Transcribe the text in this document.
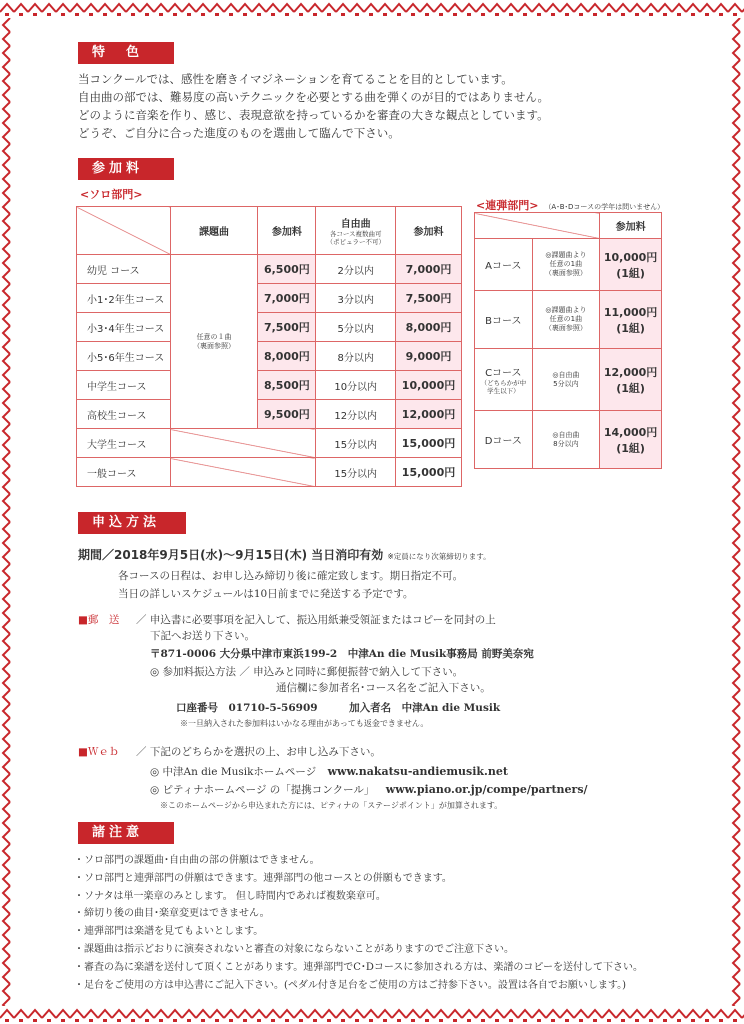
特　色

当コンクールでは、感性を磨きイマジネーションを育てることを目的としています。

自由曲の部では、難易度の高いテクニックを必要とする曲を弾くのが目的ではありません。

どのように音楽を作り、感じ、表現意欲を持っているかを審査の大きな観点としています。

どうぞ、ご自分に合った進度のものを選曲して臨んで下さい。

参加料
<ソロ部門>
<連弾部門> （A･B･Dコースの学年は問いません）
	課題曲	参加料	自由曲
各コース複数曲可
（ポピュラー不可）	参加料
幼児 コース	任意の１曲
（裏面参照）	6,500円	2分以内	7,000円
小1･2年生コース		7,000円	3分以内	7,500円
小3･4年生コース		7,500円	5分以内	8,000円
小5･6年生コース		8,000円	8分以内	9,000円
中学生コース		8,500円	10分以内	10,000円
高校生コース		9,500円	12分以内	12,000円
大学生コース			15分以内	15,000円
一般コース			15分以内	15,000円
		参加料
Aコース	◎課題曲より
任意の1曲
（裏面参照）	10,000円
(1組)

Bコース	◎課題曲より
任意の1曲
（裏面参照）	11,000円
(1組)

Cコース
（どちらかが中学生以下）	◎自由曲
5分以内	12,000円
(1組)

Dコース	◎自由曲
8分以内	14,000円
(1組)
申込方法
期間／2018年9月5日(水)～9月15日(木) 当日消印有効 ※定員になり次第締切ります。
各コースの日程は、お申し込み締切り後に確定致します。期日指定不可。
当日の詳しいスケジュールは10日前までに発送する予定です。
■郵　送 ／ 申込書に必要事項を記入して、振込用紙兼受領証またはコピーを同封の上
下記へお送り下さい。
〒871-0006 大分県中津市東浜199-2　中津An die Musik事務局 前野美奈宛
◎ 参加料振込方法 ／ 申込みと同時に郵便振替で納入して下さい。
通信欄に参加者名･コース名をご記入下さい。
口座番号　01710-5-56909　　　加入者名　中津An die Musik
※一旦納入された参加料はいかなる理由があっても返金できません。
■Ｗｅｂ ／ 下記のどちらかを選択の上、お申し込み下さい。
◎ 中津An die Musikホームページ www.nakatsu-andiemusik.net
◎ ピティナホームページ の「提携コンクール」 www.piano.or.jp/compe/partners/
※このホームページから申込まれた方には、ピティナの「ステージポイント」が加算されます。
諸注意
・ソロ部門の課題曲･自由曲の部の併願はできません。
・ソロ部門と連弾部門の併願はできます。連弾部門の他コースとの併願もできます。
・ソナタは単一楽章のみとします。 但し時間内であれば複数楽章可。
・締切り後の曲目･楽章変更はできません。
・連弾部門は楽譜を見てもよいとします。
・課題曲は指示どおりに演奏されないと審査の対象にならないことがありますのでご注意下さい。
・審査の為に楽譜を送付して頂くことがあります。連弾部門でC･Dコースに参加される方は、楽譜のコピーを送付して下さい。
・足台をご使用の方は申込書にご記入下さい。(ペダル付き足台をご使用の方はご持参下さい。設置は各自でお願いします。)
